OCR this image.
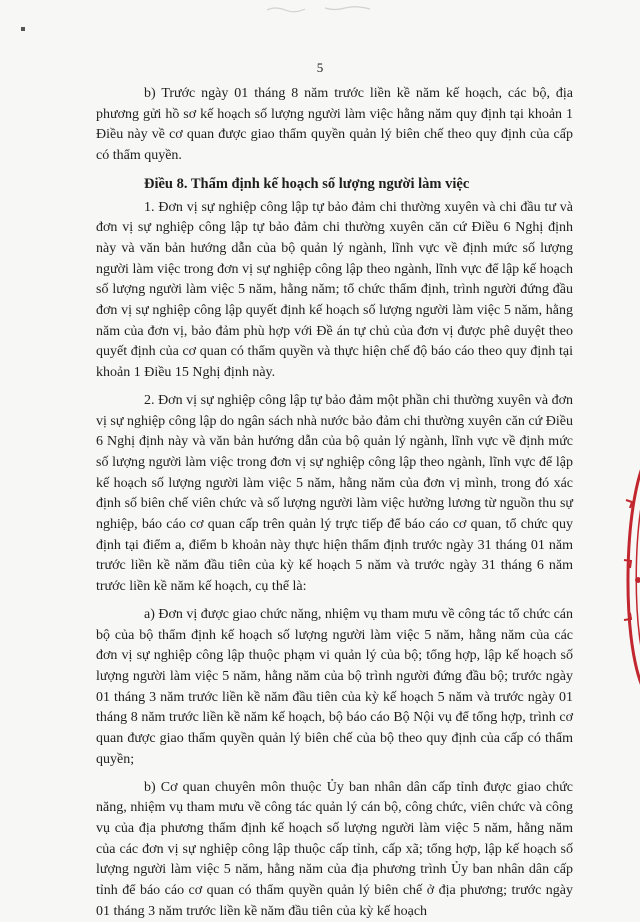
5

b) Trước ngày 01 tháng 8 năm trước liền kề năm kế hoạch, các bộ, địa phương gửi hồ sơ kế hoạch số lượng người làm việc hằng năm quy định tại khoản 1 Điều này về cơ quan được giao thẩm quyền quản lý biên chế theo quy định của cấp có thẩm quyền.

Điều 8. Thẩm định kế hoạch số lượng người làm việc

1. Đơn vị sự nghiệp công lập tự bảo đảm chi thường xuyên và chi đầu tư và đơn vị sự nghiệp công lập tự bảo đảm chi thường xuyên căn cứ Điều 6 Nghị định này và văn bản hướng dẫn của bộ quản lý ngành, lĩnh vực về định mức số lượng người làm việc trong đơn vị sự nghiệp công lập theo ngành, lĩnh vực để lập kế hoạch số lượng người làm việc 5 năm, hằng năm; tổ chức thẩm định, trình người đứng đầu đơn vị sự nghiệp công lập quyết định kế hoạch số lượng người làm việc 5 năm, hằng năm của đơn vị, bảo đảm phù hợp với Đề án tự chủ của đơn vị được phê duyệt theo quyết định của cơ quan có thẩm quyền và thực hiện chế độ báo cáo theo quy định tại khoản 1 Điều 15 Nghị định này.

2. Đơn vị sự nghiệp công lập tự bảo đảm một phần chi thường xuyên và đơn vị sự nghiệp công lập do ngân sách nhà nước bảo đảm chi thường xuyên căn cứ Điều 6 Nghị định này và văn bản hướng dẫn của bộ quản lý ngành, lĩnh vực về định mức số lượng người làm việc trong đơn vị sự nghiệp công lập theo ngành, lĩnh vực để lập kế hoạch số lượng người làm việc 5 năm, hằng năm của đơn vị mình, trong đó xác định số biên chế viên chức và số lượng người làm việc hưởng lương từ nguồn thu sự nghiệp, báo cáo cơ quan cấp trên quản lý trực tiếp để báo cáo cơ quan, tổ chức quy định tại điểm a, điểm b khoản này thực hiện thẩm định trước ngày 31 tháng 01 năm trước liền kề năm đầu tiên của kỳ kế hoạch 5 năm và trước ngày 31 tháng 6 năm trước liền kề năm kế hoạch, cụ thể là:

a) Đơn vị được giao chức năng, nhiệm vụ tham mưu về công tác tổ chức cán bộ của bộ thẩm định kế hoạch số lượng người làm việc 5 năm, hằng năm của các đơn vị sự nghiệp công lập thuộc phạm vi quản lý của bộ; tổng hợp, lập kế hoạch số lượng người làm việc 5 năm, hằng năm của bộ trình người đứng đầu bộ; trước ngày 01 tháng 3 năm trước liền kề năm đầu tiên của kỳ kế hoạch 5 năm và trước ngày 01 tháng 8 năm trước liền kề năm kế hoạch, bộ báo cáo Bộ Nội vụ để tổng hợp, trình cơ quan được giao thẩm quyền quản lý biên chế của bộ theo quy định của cấp có thẩm quyền;

b) Cơ quan chuyên môn thuộc Ủy ban nhân dân cấp tỉnh được giao chức năng, nhiệm vụ tham mưu về công tác quản lý cán bộ, công chức, viên chức và công vụ của địa phương thẩm định kế hoạch số lượng người làm việc 5 năm, hằng năm của các đơn vị sự nghiệp công lập thuộc cấp tỉnh, cấp xã; tổng hợp, lập kế hoạch số lượng người làm việc 5 năm, hằng năm của địa phương trình Ủy ban nhân dân cấp tỉnh để báo cáo cơ quan có thẩm quyền quản lý biên chế ở địa phương; trước ngày 01 tháng 3 năm trước liền kề năm đầu tiên của kỳ kế hoạch
